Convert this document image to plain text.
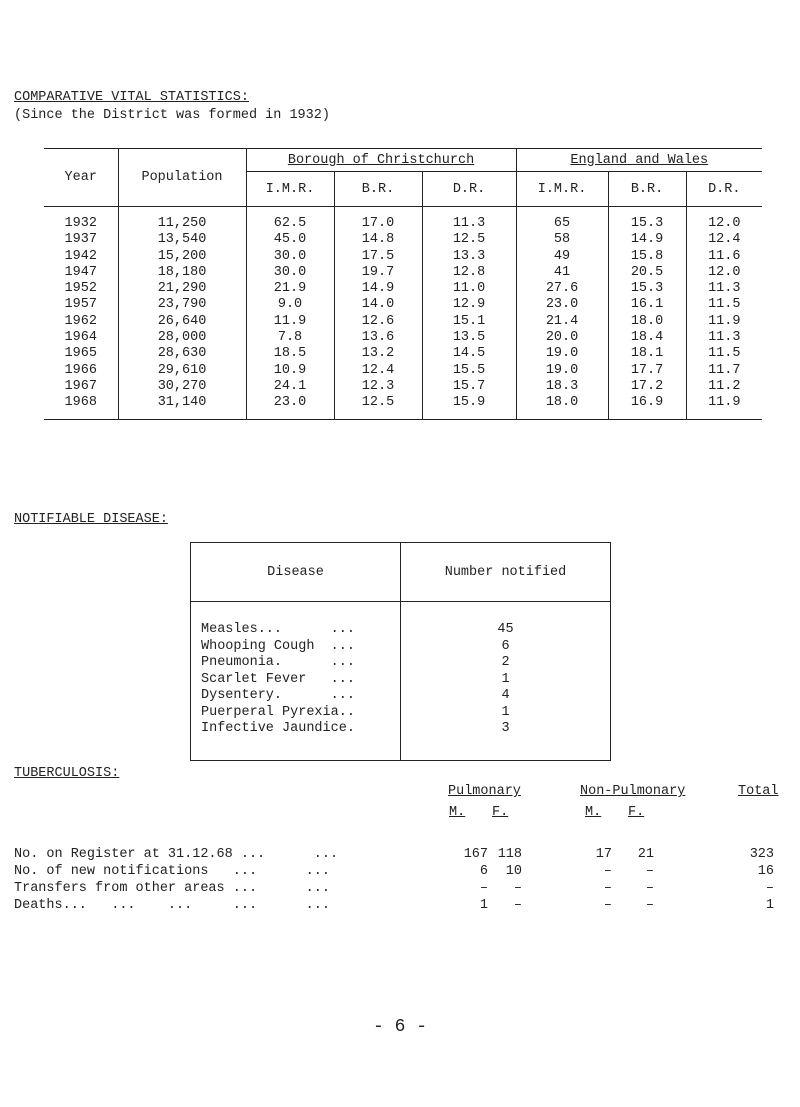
COMPARATIVE VITAL STATISTICS:
(Since the District was formed in 1932)
Year	Population	Borough of Christchurch			England and Wales		
		I.M.R.	B.R.	D.R.	I.M.R.	B.R.	D.R.
1932	11,250	62.5	17.0	11.3	65	15.3	12.0
1937	13,540	45.0	14.8	12.5	58	14.9	12.4
1942	15,200	30.0	17.5	13.3	49	15.8	11.6
1947	18,180	30.0	19.7	12.8	41	20.5	12.0
1952	21,290	21.9	14.9	11.0	27.6	15.3	11.3
1957	23,790	9.0	14.0	12.9	23.0	16.1	11.5
1962	26,640	11.9	12.6	15.1	21.4	18.0	11.9
1964	28,000	7.8	13.6	13.5	20.0	18.4	11.3
1965	28,630	18.5	13.2	14.5	19.0	18.1	11.5
1966	29,610	10.9	12.4	15.5	19.0	17.7	11.7
1967	30,270	24.1	12.3	15.7	18.3	17.2	11.2
1968	31,140	23.0	12.5	15.9	18.0	16.9	11.9
NOTIFIABLE DISEASE:
Disease	Number notified
Measles...      ...	45
Whooping Cough  ...	6
Pneumonia.      ...	2
Scarlet Fever   ...	1
Dysentery.      ...	4
Puerperal Pyrexia..	1
Infective Jaundice.	3
TUBERCULOSIS:
Pulmonary	Non-Pulmonary	Total
M. F.	M. F.
No. on Register at 31.12.68 ...      ...	167 118	17 21	323
No. of new notifications   ...      ...	6 10	–	–	16
Transfers from other areas ...      ...	– –	–	–	–
Deaths...   ...    ...     ...      ...	1 –	–	–	1
- 6 -
